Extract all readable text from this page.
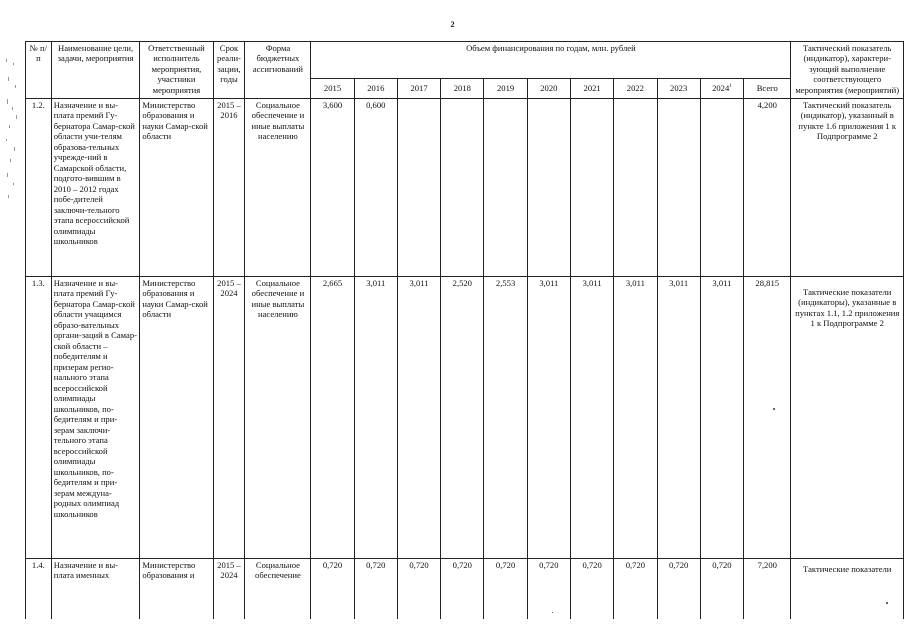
2
№ п/п	Наименование цели, задачи, мероприятия	Ответственный исполнитель мероприятия, участники мероприятия	Срок реали-зации, годы	Форма бюджетных ассигнований	Объем финансирования по годам, млн. рублей											Тактический показатель (индикатор), характери-зующий выполнение соответствующего мероприятия (мероприятий)
					2015	2016	2017	2018	2019	2020	2021	2022	2023	2024$^1$	Всего	
1.2.	Назначение и вы-плата премий Гу-бернатора Самар-ской области учи-телям образова-тельных учрежде-ний в Самарской области, подгото-вившим в 2010 – 2012 годах побе-дителей заключи-тельного этапа всероссийской олимпиады школьников	Министерство образования и науки Самар-ской области	2015 – 2016	Социальное обеспечение и иные выплаты населению	3,600	0,600									4,200	Тактический показатель (индикатор), указанный в пункте 1.6 приложения 1 к Подпрограмме 2
1.3.	Назначение и вы-плата премий Гу-бернатора Самар-ской области учащимся образо-вательных органи-заций в Самар-ской области – победителям и призерам регио-нального этапа всероссийской олимпиады школьников, по-бедителям и при-зерам заключи-тельного этапа всероссийской олимпиады школьников, по-бедителям и при-зерам междуна-родных олимпиад школьников	Министерство образования и науки Самар-ской области	2015 – 2024	Социальное обеспечение и иные выплаты населению	2,665	3,011	3,011	2,520	2,553	3,011	3,011	3,011	3,011	3,011	28,815	Тактические показатели (индикаторы), указанные в пунктах 1.1, 1.2 приложения 1 к Подпрограмме 2
1.4.	Назначение и вы-плата именных	Министерство образования и	2015 – 2024	Социальное обеспечение	0,720	0,720	0,720	0,720	0,720	0,720	0,720	0,720	0,720	0,720	7,200	Тактические показатели
